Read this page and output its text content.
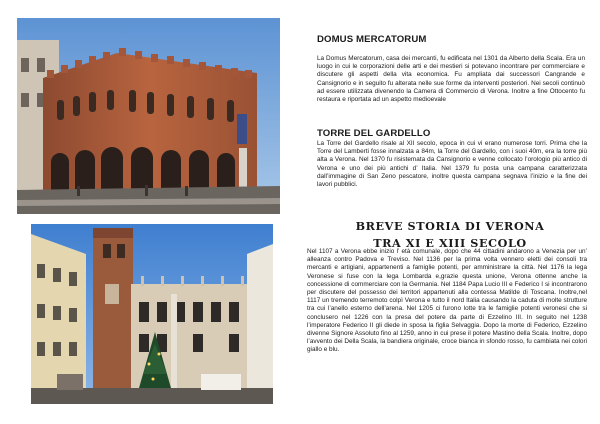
DOMUS MERCATORUM

La Domus Mercatorum, casa dei mercanti, fu edificata nel 1301 da Alberto della Scala. Era un luogo in cui le corporazioni delle arti e dei mestieri si potevano incontrare per commerciare e discutere gli aspetti della vita economica. Fu ampliata dai successori Cangrande e Cansignorio e in seguito fu alterata nelle sue forme da interventi posteriori. Nei secoli continuò ad essere utilizzata divenendo la Camera di Commercio di Verona. Inoltre a fine Ottocento fu restaura e riportata ad un aspetto medioevale

TORRE DEL GARDELLO

La Torre del Gardello risale al XII secolo, epoca in cui vi erano numerose torri. Prima che la Torre del Lamberti fosse innalzata a 84m, la Torre del Gardello, con i suoi 40m, era la torre più alta a Verona. Nel 1370 fu risistemata da Cansignorio e venne collocato l’orologio più antico di Verona e uno dei più antichi d’ Italia. Nel 1379 fu posta una campana caratterizzata dall’immagine di San Zeno pescatore, inoltre questa campana segnava l’inizio e la fine dei lavori pubblici.

BREVE STORIA DI VERONA
TRA XI E XIII SECOLO

Nel 1107 a Verona ebbe inizio l’ età comunale, dopo che 44 cittadini andarono a Venezia per un’ alleanza contro Padova e Treviso. Nel 1136 per la prima volta vennero eletti dei consoli tra mercanti e artigiani, appartenenti a famiglie potenti, per amministrare la città. Nel 1176 la lega Veronese si fuse con la lega Lombarda e,grazie questa unione, Verona ottenne anche la concessione di commerciare con la Germania. Nel 1184 Papa Lucio III e Federico I si incontrarono per discutere del possesso dei territori appartenuti alla contessa Matilde di Toscana. Inoltre,nel 1117 un tremendo terremoto colpì Verona e tutto il nord Italia causando la caduta di molte strutture tra cui l’anello esterno dell’arena. Nel 1205 ci furono lotte tra le famiglie potenti veronesi che si conclusero nel 1226 con la presa del potere da parte di Ezzelino III. In seguito nel 1238 l’imperatore Federico II gli diede in sposa la figlia Selvaggia. Dopo la morte di Federico, Ezzelino divenne Signore Assoluto fino al 1259, anno in cui prese il potere Mastino della Scala. Inoltre, dopo l’avvento dei Della Scala, la bandiera originale, croce bianca in sfondo rosso, fu cambiata nei colori giallo e blu.
